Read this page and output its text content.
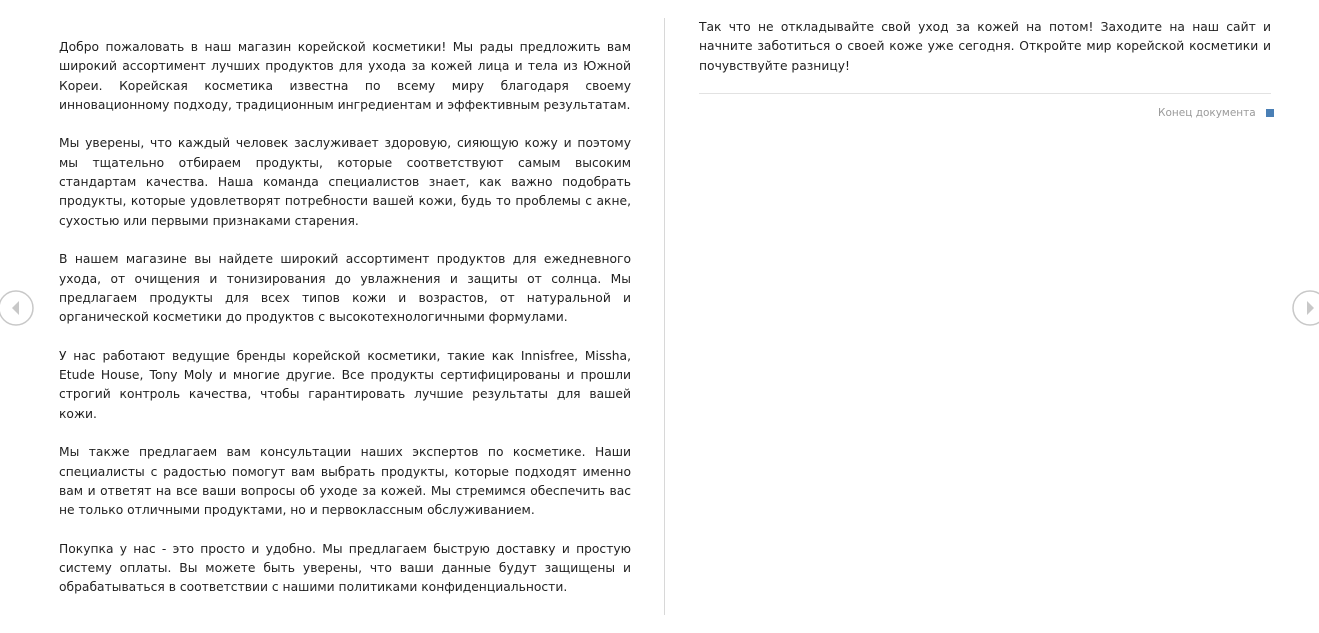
Добро пожаловать в наш магазин корейской косметики! Мы рады предложить вам широкий ассортимент лучших продуктов для ухода за кожей лица и тела из Южной Кореи. Корейская косметика известна по всему миру благодаря своему инновационному подходу, традиционным ингредиентам и эффективным результатам.

Мы уверены, что каждый человек заслуживает здоровую, сияющую кожу и поэтому мы тщательно отбираем продукты, которые соответствуют самым высоким стандартам качества. Наша команда специалистов знает, как важно подобрать продукты, которые удовлетворят потребности вашей кожи, будь то проблемы с акне, сухостью или первыми признаками старения.

В нашем магазине вы найдете широкий ассортимент продуктов для ежедневного ухода, от очищения и тонизирования до увлажнения и защиты от солнца. Мы предлагаем продукты для всех типов кожи и возрастов, от натуральной и органической косметики до продуктов с высокотехнологичными формулами.

У нас работают ведущие бренды корейской косметики, такие как Innisfree, Missha, Etude House, Tony Moly и многие другие. Все продукты сертифицированы и прошли строгий контроль качества, чтобы гарантировать лучшие результаты для вашей кожи.

Мы также предлагаем вам консультации наших экспертов по косметике. Наши специалисты с радостью помогут вам выбрать продукты, которые подходят именно вам и ответят на все ваши вопросы об уходе за кожей. Мы стремимся обеспечить вас не только отличными продуктами, но и первоклассным обслуживанием.

Покупка у нас - это просто и удобно. Мы предлагаем быструю доставку и простую систему оплаты. Вы можете быть уверены, что ваши данные будут защищены и обрабатываться в соответствии с нашими политиками конфиденциальности.

Так что не откладывайте свой уход за кожей на потом! Заходите на наш сайт и начните заботиться о своей коже уже сегодня. Откройте мир корейской косметики и почувствуйте разницу!

Конец документа
